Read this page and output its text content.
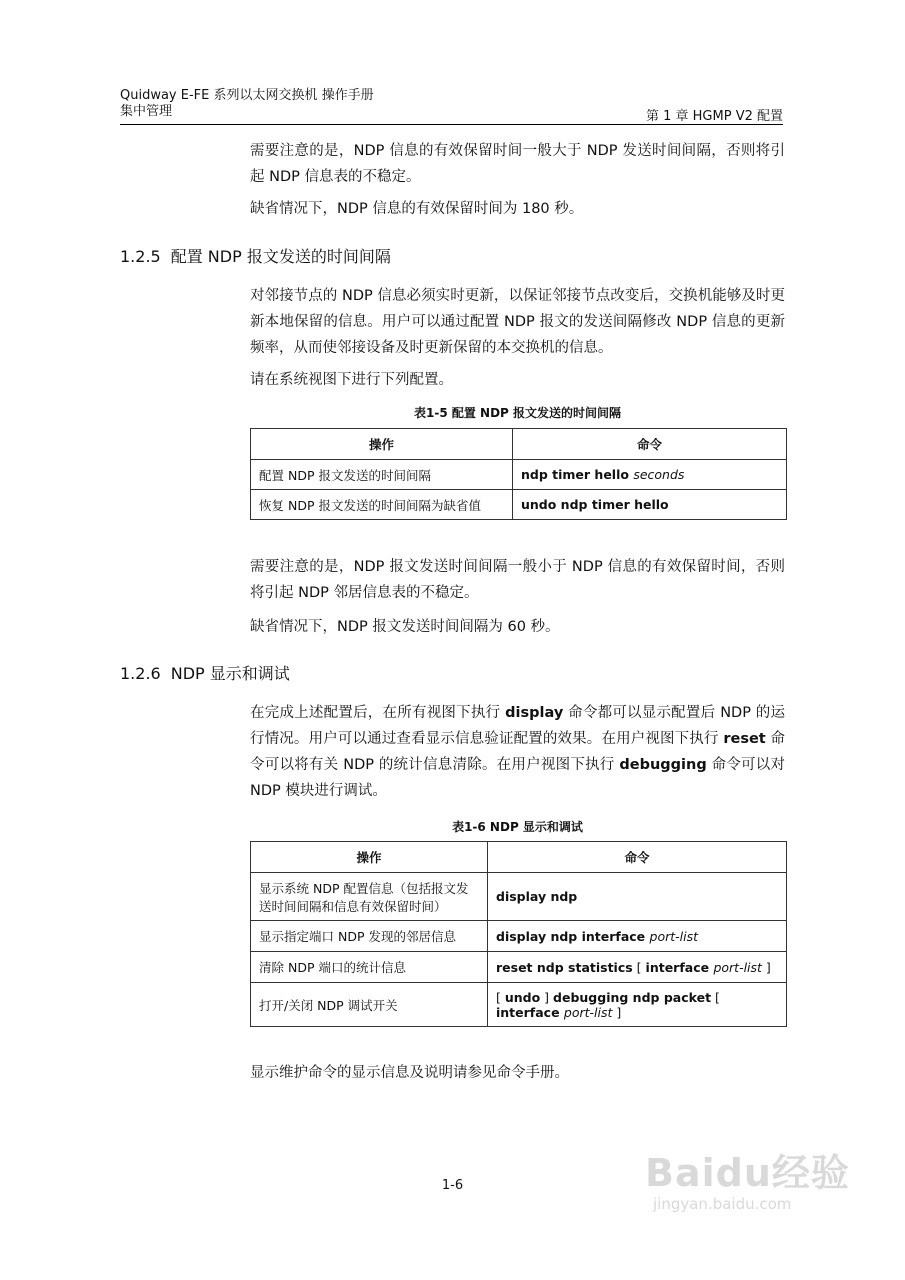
Quidway E-FE 系列以太网交换机 操作手册
集中管理	第 1 章 HGMP V2 配置
需要注意的是，NDP 信息的有效保留时间一般大于 NDP 发送时间间隔，否则将引起 NDP 信息表的不稳定。
缺省情况下，NDP 信息的有效保留时间为 180 秒。
1.2.5 配置 NDP 报文发送的时间间隔
对邻接节点的 NDP 信息必须实时更新，以保证邻接节点改变后，交换机能够及时更新本地保留的信息。用户可以通过配置 NDP 报文的发送间隔修改 NDP 信息的更新频率，从而使邻接设备及时更新保留的本交换机的信息。
请在系统视图下进行下列配置。
表1-5 配置 NDP 报文发送的时间间隔
操作	命令
配置 NDP 报文发送的时间间隔	ndp timer hello seconds
恢复 NDP 报文发送的时间间隔为缺省值	undo ndp timer hello
需要注意的是，NDP 报文发送时间间隔一般小于 NDP 信息的有效保留时间，否则将引起 NDP 邻居信息表的不稳定。
缺省情况下，NDP 报文发送时间间隔为 60 秒。
1.2.6 NDP 显示和调试
在完成上述配置后，在所有视图下执行 display 命令都可以显示配置后 NDP 的运行情况。用户可以通过查看显示信息验证配置的效果。在用户视图下执行 reset 命令可以将有关 NDP 的统计信息清除。在用户视图下执行 debugging 命令可以对 NDP 模块进行调试。
表1-6 NDP 显示和调试
操作	命令
显示系统 NDP 配置信息（包括报文发送时间间隔和信息有效保留时间）	display ndp
显示指定端口 NDP 发现的邻居信息	display ndp interface port-list
清除 NDP 端口的统计信息	reset ndp statistics [ interface port-list ]
打开/关闭 NDP 调试开关	[ undo ] debugging ndp packet [ interface port-list ]
显示维护命令的显示信息及说明请参见命令手册。
1-6	Baidu经验
jingyan.baidu.com
